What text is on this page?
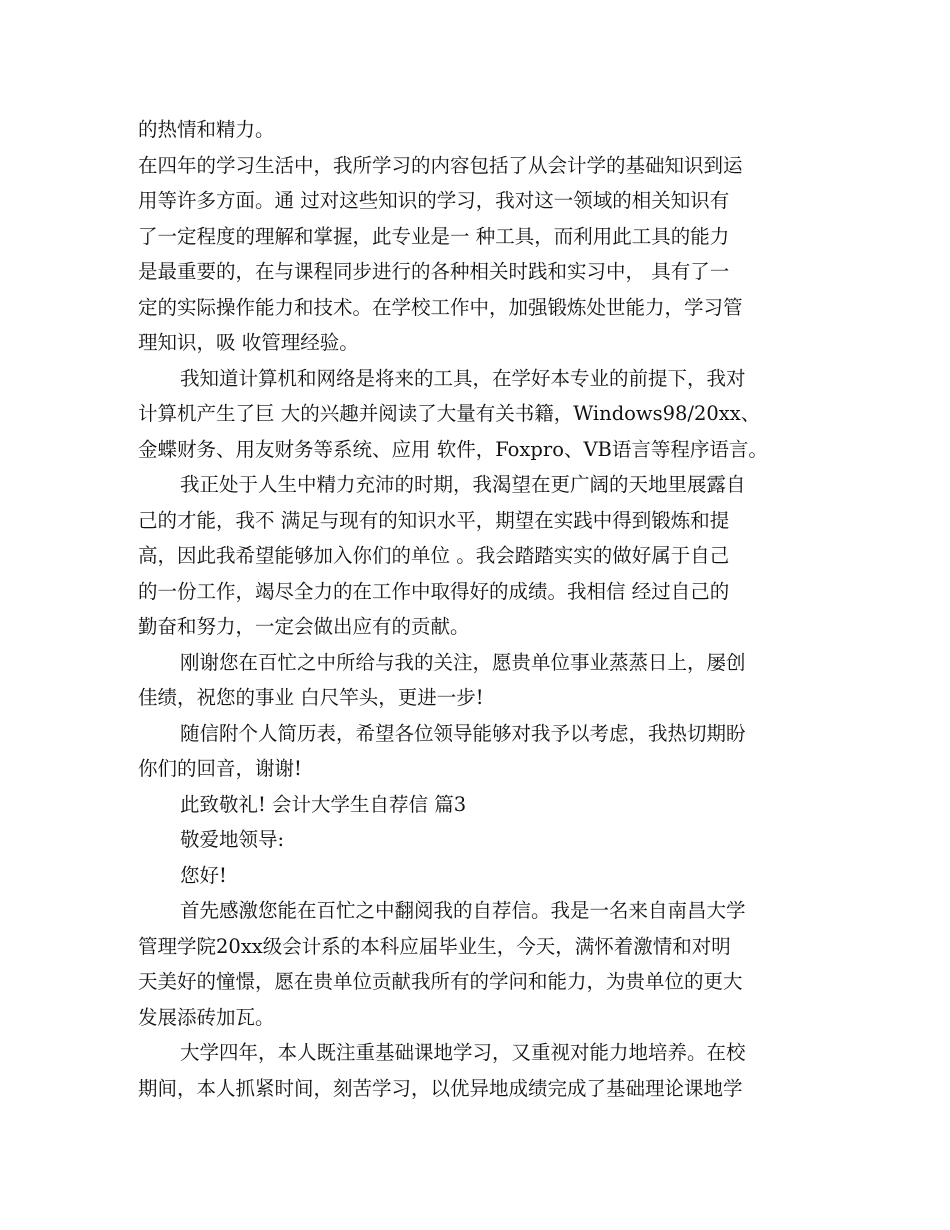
的热情和精力。
在四年的学习生活中，我所学习的内容包括了从会计学的基础知识到运
用等许多方面。通 过对这些知识的学习，我对这一领域的相关知识有
了一定程度的理解和掌握，此专业是一 种工具，而利用此工具的能力
是最重要的，在与课程同步进行的各种相关时践和实习中， 具有了一
定的实际操作能力和技术。在学校工作中，加强锻炼处世能力，学习管
理知识，吸 收管理经验。
我知道计算机和网络是将来的工具，在学好本专业的前提下，我对
计算机产生了巨 大的兴趣并阅读了大量有关书籍，Windows98/20xx、
金蝶财务、用友财务等系统、应用 软件，Foxpro、VB语言等程序语言。
我正处于人生中精力充沛的时期，我渴望在更广阔的天地里展露自
己的才能，我不 满足与现有的知识水平，期望在实践中得到锻炼和提
高，因此我希望能够加入你们的单位 。我会踏踏实实的做好属于自己
的一份工作，竭尽全力的在工作中取得好的成绩。我相信 经过自己的
勤奋和努力，一定会做出应有的贡献。
刚谢您在百忙之中所给与我的关注，愿贵单位事业蒸蒸日上，屡创
佳绩，祝您的事业 白尺竿头，更进一步!
随信附个人简历表，希望各位领导能够对我予以考虑，我热切期盼
你们的回音，谢谢!
此致敬礼! 会计大学生自荐信 篇3
敬爱地领导:
您好!
首先感激您能在百忙之中翻阅我的自荐信。我是一名来自南昌大学
管理学院20xx级会计系的本科应届毕业生，今天，满怀着激情和对明
天美好的憧憬，愿在贵单位贡献我所有的学问和能力，为贵单位的更大
发展添砖加瓦。
大学四年，本人既注重基础课地学习，又重视对能力地培养。在校
期间，本人抓紧时间，刻苦学习，以优异地成绩完成了基础理论课地学
